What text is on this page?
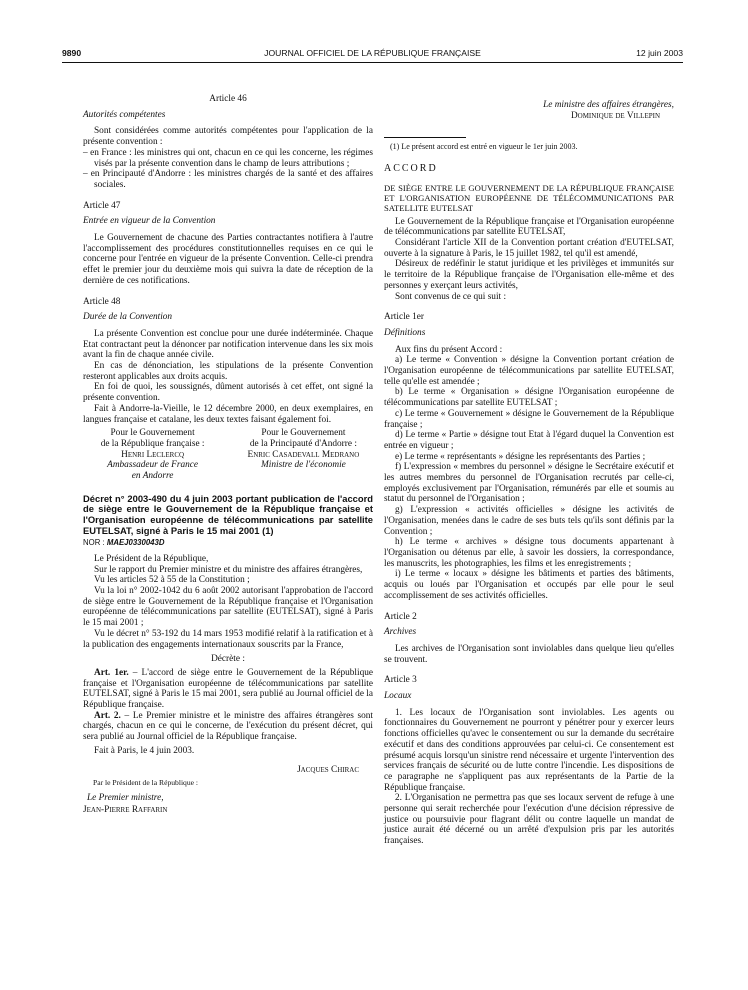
9890	JOURNAL OFFICIEL DE LA RÉPUBLIQUE FRANÇAISE	12 juin 2003

Article 46

Autorités compétentes

Sont considérées comme autorités compétentes pour l'application de la présente convention :

– en France : les ministres qui ont, chacun en ce qui les concerne, les régimes visés par la présente convention dans le champ de leurs attributions ;

– en Principauté d'Andorre : les ministres chargés de la santé et des affaires sociales.

Article 47

Entrée en vigueur de la Convention

Le Gouvernement de chacune des Parties contractantes notifiera à l'autre l'accomplissement des procédures constitutionnelles requises en ce qui le concerne pour l'entrée en vigueur de la présente Convention. Celle-ci prendra effet le premier jour du deuxième mois qui suivra la date de réception de la dernière de ces notifications.

Article 48

Durée de la Convention

La présente Convention est conclue pour une durée indéterminée. Chaque Etat contractant peut la dénoncer par notification intervenue dans les six mois avant la fin de chaque année civile.

En cas de dénonciation, les stipulations de la présente Convention resteront applicables aux droits acquis.

En foi de quoi, les soussignés, dûment autorisés à cet effet, ont signé la présente convention.

Fait à Andorre-la-Vieille, le 12 décembre 2000, en deux exemplaires, en langues française et catalane, les deux textes faisant également foi.

Pour le Gouvernement

de la République française :

Henri Leclercq

Ambassadeur de France

en Andorre

Pour le Gouvernement

de la Principauté d'Andorre :

Enric Casadevall Medrano

Ministre de l'économie

Décret n° 2003-490 du 4 juin 2003 portant publication de l'accord de siège entre le Gouvernement de la République française et l'Organisation européenne de télécommunications par satellite EUTELSAT, signé à Paris le 15 mai 2001 (1)

NOR : MAEJ0330043D

Le Président de la République,

Sur le rapport du Premier ministre et du ministre des affaires étrangères,

Vu les articles 52 à 55 de la Constitution ;

Vu la loi n° 2002-1042 du 6 août 2002 autorisant l'approbation de l'accord de siège entre le Gouvernement de la République française et l'Organisation européenne de télécommunications par satellite (EUTELSAT), signé à Paris le 15 mai 2001 ;

Vu le décret n° 53-192 du 14 mars 1953 modifié relatif à la ratification et à la publication des engagements internationaux souscrits par la France,

Décrète :

Art. 1er. – L'accord de siège entre le Gouvernement de la République française et l'Organisation européenne de télécommunications par satellite EUTELSAT, signé à Paris le 15 mai 2001, sera publié au Journal officiel de la République française.

Art. 2. – Le Premier ministre et le ministre des affaires étrangères sont chargés, chacun en ce qui le concerne, de l'exécution du présent décret, qui sera publié au Journal officiel de la République française.

Fait à Paris, le 4 juin 2003.

Jacques Chirac

Par le Président de la République :

Le Premier ministre,

Jean-Pierre Raffarin

Le ministre des affaires étrangères,

Dominique de Villepin

(1) Le présent accord est entré en vigueur le 1er juin 2003.

ACCORD

DE SIÈGE ENTRE LE GOUVERNEMENT DE LA RÉPUBLIQUE FRANÇAISE ET L'ORGANISATION EUROPÉENNE DE TÉLÉCOMMUNICATIONS PAR SATELLITE EUTELSAT

Le Gouvernement de la République française et l'Organisation européenne de télécommunications par satellite EUTELSAT,

Considérant l'article XII de la Convention portant création d'EUTELSAT, ouverte à la signature à Paris, le 15 juillet 1982, tel qu'il est amendé,

Désireux de redéfinir le statut juridique et les privilèges et immunités sur le territoire de la République française de l'Organisation elle-même et des personnes y exerçant leurs activités,

Sont convenus de ce qui suit :

Article 1er

Définitions

Aux fins du présent Accord :

a) Le terme « Convention » désigne la Convention portant création de l'Organisation européenne de télécommunications par satellite EUTELSAT, telle qu'elle est amendée ;

b) Le terme « Organisation » désigne l'Organisation européenne de télécommunications par satellite EUTELSAT ;

c) Le terme « Gouvernement » désigne le Gouvernement de la République française ;

d) Le terme « Partie » désigne tout Etat à l'égard duquel la Convention est entrée en vigueur ;

e) Le terme « représentants » désigne les représentants des Parties ;

f) L'expression « membres du personnel » désigne le Secrétaire exécutif et les autres membres du personnel de l'Organisation recrutés par celle-ci, employés exclusivement par l'Organisation, rémunérés par elle et soumis au statut du personnel de l'Organisation ;

g) L'expression « activités officielles » désigne les activités de l'Organisation, menées dans le cadre de ses buts tels qu'ils sont définis par la Convention ;

h) Le terme « archives » désigne tous documents appartenant à l'Organisation ou détenus par elle, à savoir les dossiers, la correspondance, les manuscrits, les photographies, les films et les enregistrements ;

i) Le terme « locaux » désigne les bâtiments et parties des bâtiments, acquis ou loués par l'Organisation et occupés par elle pour le seul accomplissement de ses activités officielles.

Article 2

Archives

Les archives de l'Organisation sont inviolables dans quelque lieu qu'elles se trouvent.

Article 3

Locaux

1. Les locaux de l'Organisation sont inviolables. Les agents ou fonctionnaires du Gouvernement ne pourront y pénétrer pour y exercer leurs fonctions officielles qu'avec le consentement ou sur la demande du secrétaire exécutif et dans des conditions approuvées par celui-ci. Ce consentement est présumé acquis lorsqu'un sinistre rend nécessaire et urgente l'intervention des services français de sécurité ou de lutte contre l'incendie. Les dispositions de ce paragraphe ne s'appliquent pas aux représentants de la Partie de la République française.

2. L'Organisation ne permettra pas que ses locaux servent de refuge à une personne qui serait recherchée pour l'exécution d'une décision répressive de justice ou poursuivie pour flagrant délit ou contre laquelle un mandat de justice aurait été décerné ou un arrêté d'expulsion pris par les autorités françaises.
